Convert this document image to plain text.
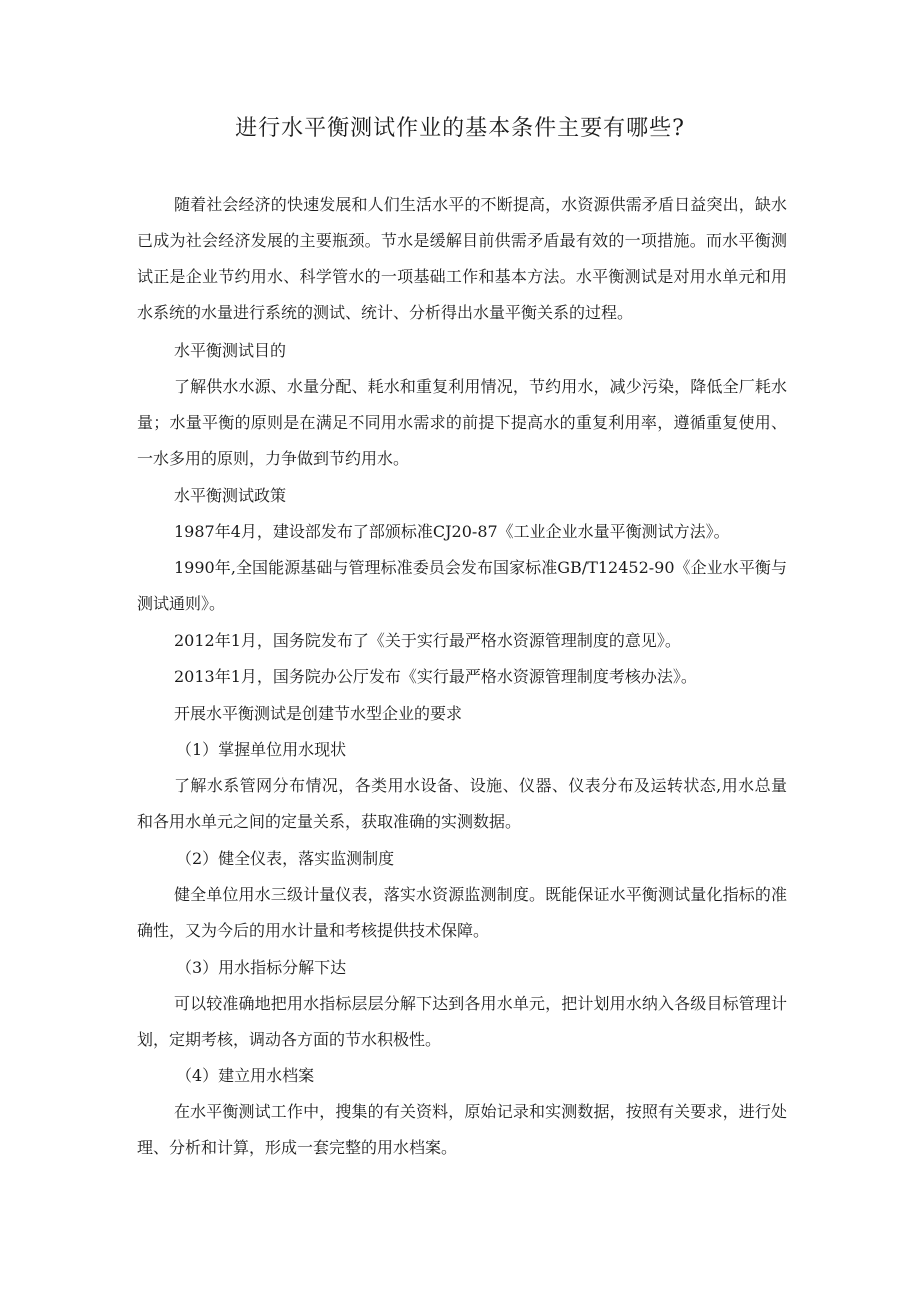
进行水平衡测试作业的基本条件主要有哪些?

随着社会经济的快速发展和人们生活水平的不断提高，水资源供需矛盾日益突出，缺水已成为社会经济发展的主要瓶颈。节水是缓解目前供需矛盾最有效的一项措施。而水平衡测试正是企业节约用水、科学管水的一项基础工作和基本方法。水平衡测试是对用水单元和用水系统的水量进行系统的测试、统计、分析得出水量平衡关系的过程。

水平衡测试目的

了解供水水源、水量分配、耗水和重复利用情况，节约用水，减少污染，降低全厂耗水量；水量平衡的原则是在满足不同用水需求的前提下提高水的重复利用率，遵循重复使用、一水多用的原则，力争做到节约用水。

水平衡测试政策

1987年4月，建设部发布了部颁标准CJ20-87《工业企业水量平衡测试方法》。

1990年,全国能源基础与管理标准委员会发布国家标准GB/T12452-90《企业水平衡与测试通则》。

2012年1月，国务院发布了《关于实行最严格水资源管理制度的意见》。

2013年1月，国务院办公厅发布《实行最严格水资源管理制度考核办法》。

开展水平衡测试是创建节水型企业的要求

（1）掌握单位用水现状

了解水系管网分布情况，各类用水设备、设施、仪器、仪表分布及运转状态,用水总量和各用水单元之间的定量关系，获取准确的实测数据。

（2）健全仪表，落实监测制度

健全单位用水三级计量仪表，落实水资源监测制度。既能保证水平衡测试量化指标的准确性，又为今后的用水计量和考核提供技术保障。

（3）用水指标分解下达

可以较准确地把用水指标层层分解下达到各用水单元，把计划用水纳入各级目标管理计划，定期考核，调动各方面的节水积极性。

（4）建立用水档案

在水平衡测试工作中，搜集的有关资料，原始记录和实测数据，按照有关要求，进行处理、分析和计算，形成一套完整的用水档案。
